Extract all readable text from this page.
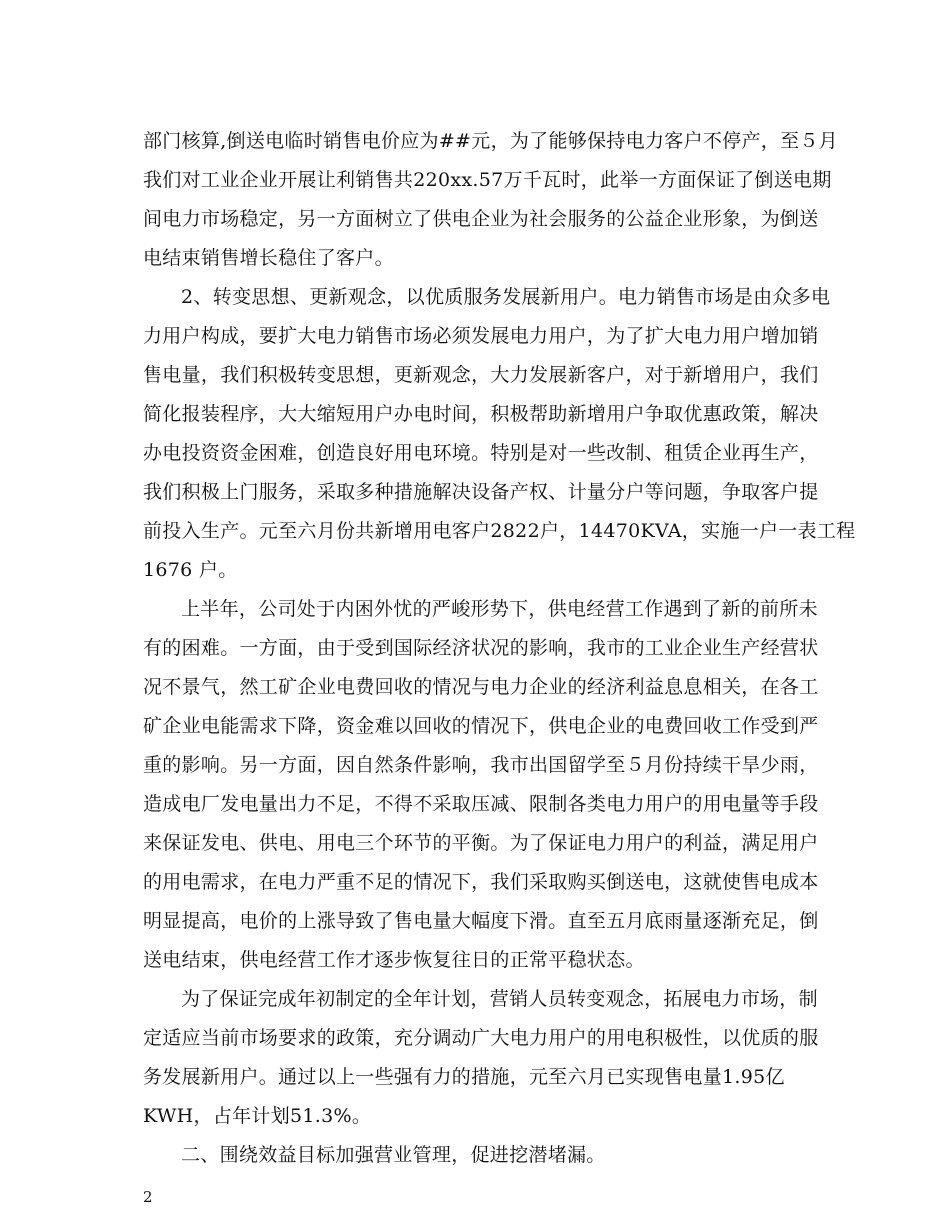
部门核算,倒送电临时销售电价应为##元，为了能够保持电力客户不停产，至５月
我们对工业企业开展让利销售共220xx.57万千瓦时，此举一方面保证了倒送电期
间电力市场稳定，另一方面树立了供电企业为社会服务的公益企业形象，为倒送
电结束销售增长稳住了客户。
2、转变思想、更新观念，以优质服务发展新用户。电力销售市场是由众多电
力用户构成，要扩大电力销售市场必须发展电力用户，为了扩大电力用户增加销
售电量，我们积极转变思想，更新观念，大力发展新客户，对于新增用户，我们
简化报装程序，大大缩短用户办电时间，积极帮助新增用户争取优惠政策，解决
办电投资资金困难，创造良好用电环境。特别是对一些改制、租赁企业再生产，
我们积极上门服务，采取多种措施解决设备产权、计量分户等问题，争取客户提
前投入生产。元至六月份共新增用电客户2822户，14470KVA，实施一户一表工程
1676 户。
上半年，公司处于内困外忧的严峻形势下，供电经营工作遇到了新的前所未
有的困难。一方面，由于受到国际经济状况的影响，我市的工业企业生产经营状
况不景气，然工矿企业电费回收的情况与电力企业的经济利益息息相关，在各工
矿企业电能需求下降，资金难以回收的情况下，供电企业的电费回收工作受到严
重的影响。另一方面，因自然条件影响，我市出国留学至５月份持续干旱少雨，
造成电厂发电量出力不足，不得不采取压减、限制各类电力用户的用电量等手段
来保证发电、供电、用电三个环节的平衡。为了保证电力用户的利益，满足用户
的用电需求，在电力严重不足的情况下，我们采取购买倒送电，这就使售电成本
明显提高，电价的上涨导致了售电量大幅度下滑。直至五月底雨量逐渐充足，倒
送电结束，供电经营工作才逐步恢复往日的正常平稳状态。
为了保证完成年初制定的全年计划，营销人员转变观念，拓展电力市场，制
定适应当前市场要求的政策，充分调动广大电力用户的用电积极性，以优质的服
务发展新用户。通过以上一些强有力的措施，元至六月已实现售电量1.95亿
KWH，占年计划51.3%。
二、围绕效益目标加强营业管理，促进挖潜堵漏。
2
